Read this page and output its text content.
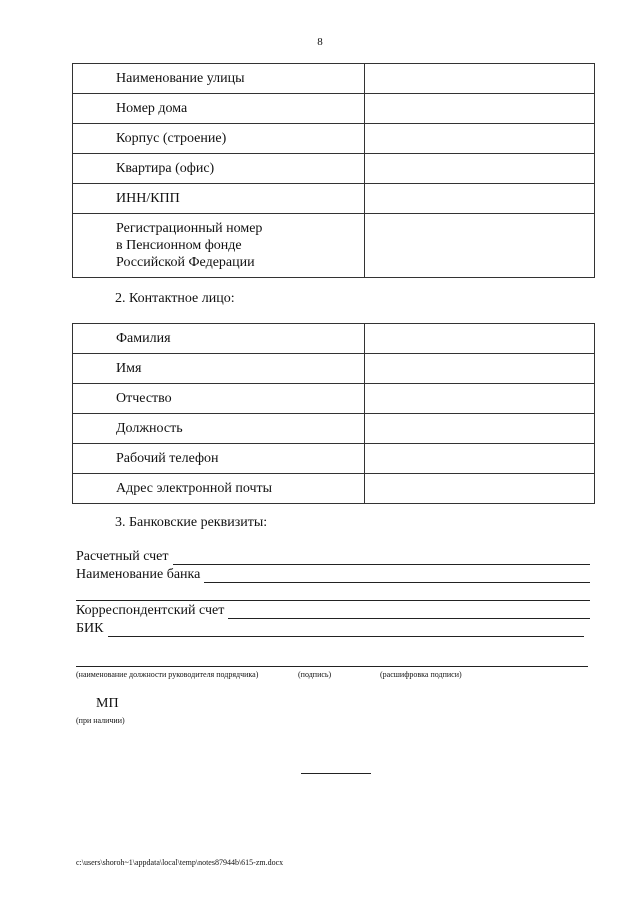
8
Наименование улицы	
Номер дома	
Корпус (строение)	
Квартира (офис)	
ИНН/КПП	

Регистрационный номер
в Пенсионном фонде
Российской Федерации	

2. Контактное лицо:
Фамилия	
Имя	
Отчество	
Должность	
Рабочий телефон	
Адрес электронной почты	
3. Банковские реквизиты:
Расчетный счет
Наименование банка
Корреспондентский счет
БИК
(наименование должности руководителя подрядчика)	(подпись)	(расшифровка подписи)
МП
(при наличии)
c:\users\shoroh~1\appdata\local\temp\notes87944b\615-zm.docx
